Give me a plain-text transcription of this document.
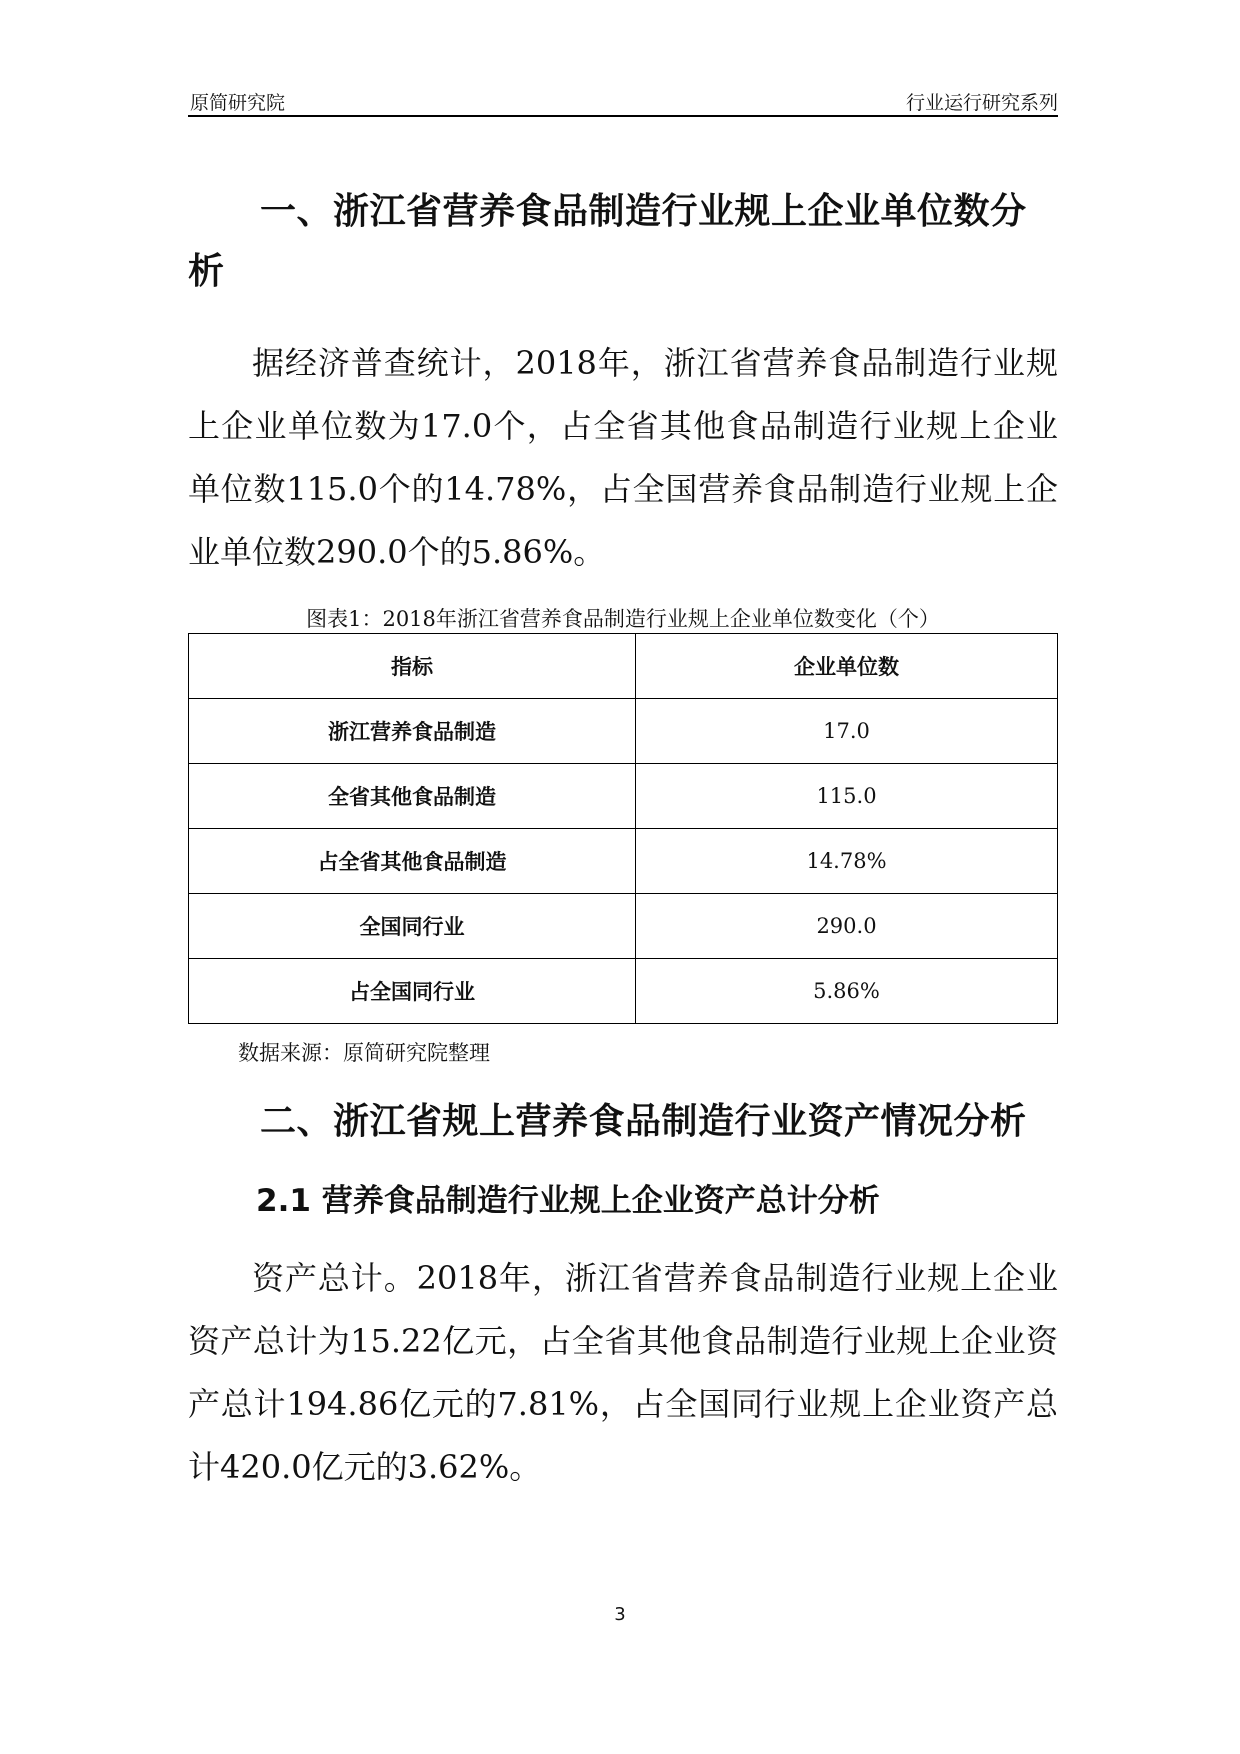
原简研究院	行业运行研究系列
一、浙江省营养食品制造行业规上企业单位数分析

据经济普查统计，2018年，浙江省营养食品制造行业规上企业单位数为17.0个，占全省其他食品制造行业规上企业单位数115.0个的14.78%，占全国营养食品制造行业规上企业单位数290.0个的5.86%。

图表1：2018年浙江省营养食品制造行业规上企业单位数变化（个）
指标	企业单位数
浙江营养食品制造	17.0
全省其他食品制造	115.0
占全省其他食品制造	14.78%
全国同行业	290.0
占全国同行业	5.86%
数据来源：原简研究院整理
二、浙江省规上营养食品制造行业资产情况分析
2.1 营养食品制造行业规上企业资产总计分析

资产总计。2018年，浙江省营养食品制造行业规上企业资产总计为15.22亿元，占全省其他食品制造行业规上企业资产总计194.86亿元的7.81%，占全国同行业规上企业资产总计420.0亿元的3.62%。

3
